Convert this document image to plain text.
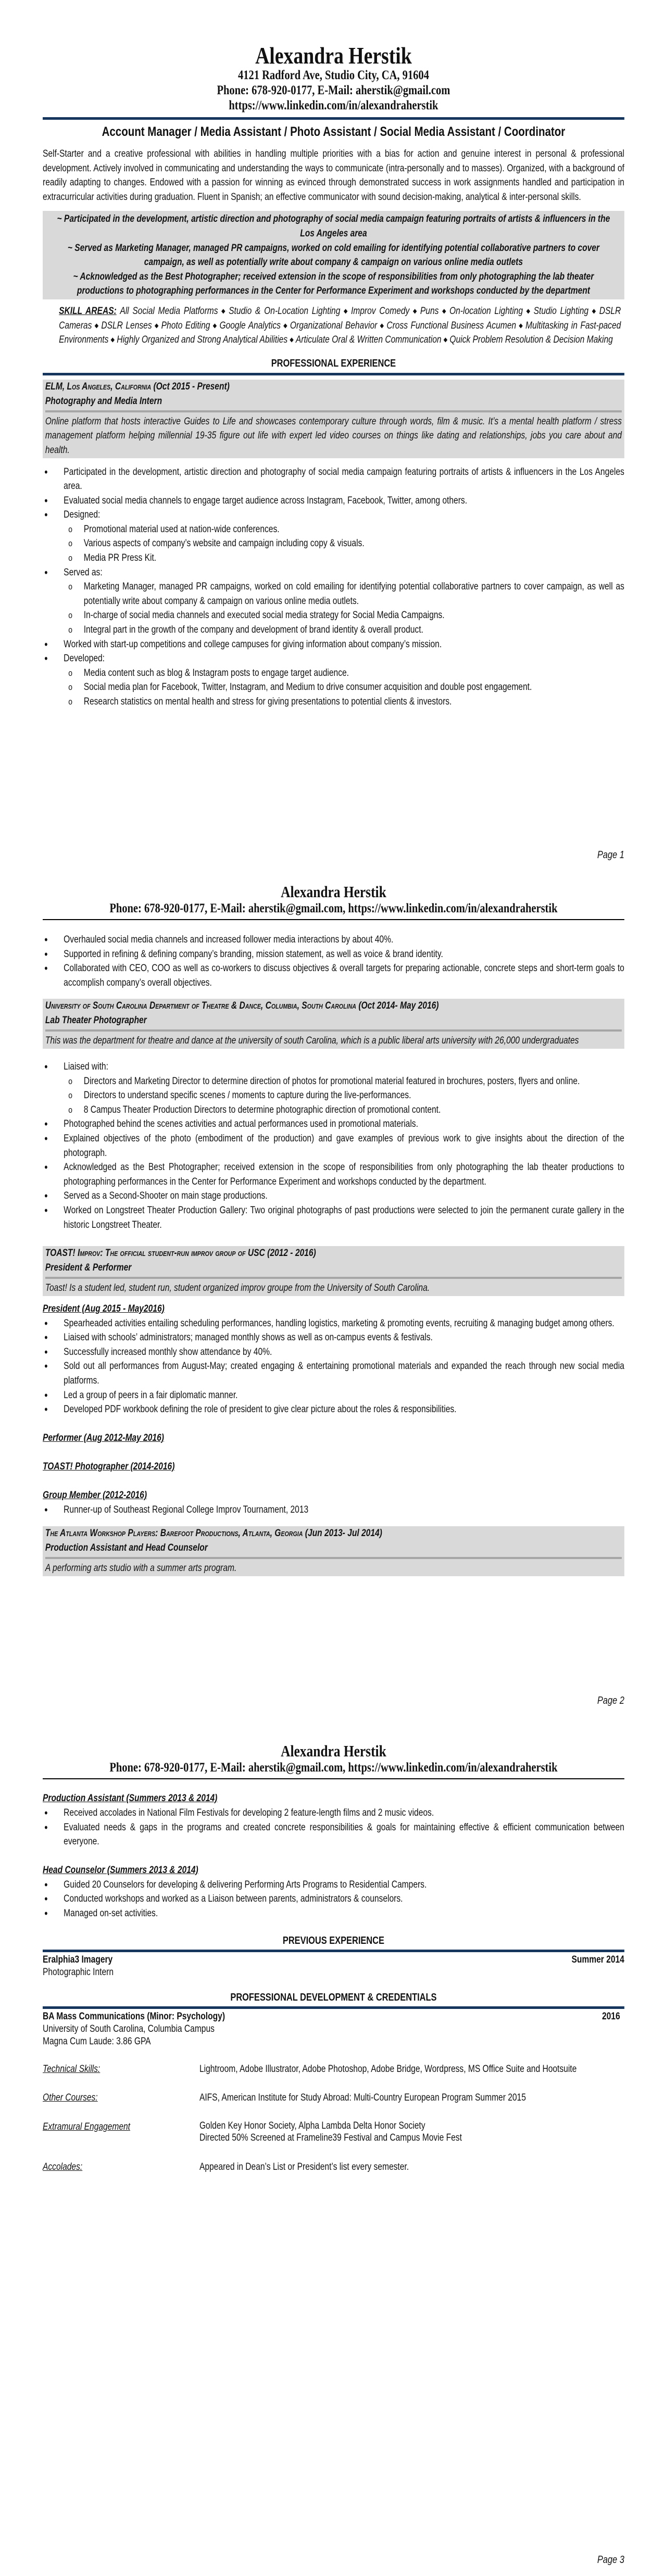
Alexandra Herstik
4121 Radford Ave, Studio City, CA, 91604
Phone: 678-920-0177, E-Mail: aherstik@gmail.com
https://www.linkedin.com/in/alexandraherstik
Account Manager / Media Assistant / Photo Assistant / Social Media Assistant / Coordinator
Self-Starter and a creative professional with abilities in handling multiple priorities with a bias for action and genuine interest in personal & professional development. Actively involved in communicating and understanding the ways to communicate (intra-personally and to masses). Organized, with a background of readily adapting to changes. Endowed with a passion for winning as evinced through demonstrated success in work assignments handled and participation in extracurricular activities during graduation. Fluent in Spanish; an effective communicator with sound decision-making, analytical & inter-personal skills.
~ Participated in the development, artistic direction and photography of social media campaign featuring portraits of artists & influencers in the Los Angeles area
~ Served as Marketing Manager, managed PR campaigns, worked on cold emailing for identifying potential collaborative partners to cover campaign, as well as potentially write about company & campaign on various online media outlets
~ Acknowledged as the Best Photographer; received extension in the scope of responsibilities from only photographing the lab theater productions to photographing performances in the Center for Performance Experiment and workshops conducted by the department
SKILL AREAS: All Social Media Platforms ◆ Studio & On-Location Lighting ◆ Improv Comedy ◆ Puns ◆ On-location Lighting ◆ Studio Lighting ◆ DSLR Cameras ◆ DSLR Lenses ◆ Photo Editing ◆ Google Analytics ◆ Organizational Behavior ◆ Cross Functional Business Acumen ◆ Multitasking in Fast-paced Environments ◆ Highly Organized and Strong Analytical Abilities ◆ Articulate Oral & Written Communication ◆ Quick Problem Resolution & Decision Making
PROFESSIONAL EXPERIENCE
ELM, Los Angeles, California (Oct 2015 - Present)
Photography and Media Intern
Online platform that hosts interactive Guides to Life and showcases contemporary culture through words, film & music. It’s a mental health platform / stress management platform helping millennial 19-35 figure out life with expert led video courses on things like dating and relationships, jobs you care about and health.
• Participated in the development, artistic direction and photography of social media campaign featuring portraits of artists & influencers in the Los Angeles area.
• Evaluated social media channels to engage target audience across Instagram, Facebook, Twitter, among others.
• Designed:
o Promotional material used at nation-wide conferences.
o Various aspects of company’s website and campaign including copy & visuals.
o Media PR Press Kit.
• Served as:
o Marketing Manager, managed PR campaigns, worked on cold emailing for identifying potential collaborative partners to cover campaign, as well as potentially write about company & campaign on various online media outlets.
o In-charge of social media channels and executed social media strategy for Social Media Campaigns.
o Integral part in the growth of the company and development of brand identity & overall product.
• Worked with start-up competitions and college campuses for giving information about company’s mission.
• Developed:
o Media content such as blog & Instagram posts to engage target audience.
o Social media plan for Facebook, Twitter, Instagram, and Medium to drive consumer acquisition and double post engagement.
o Research statistics on mental health and stress for giving presentations to potential clients & investors.
Page 1
Alexandra Herstik
Phone: 678-920-0177, E-Mail: aherstik@gmail.com, https://www.linkedin.com/in/alexandraherstik
• Overhauled social media channels and increased follower media interactions by about 40%.
• Supported in refining & defining company’s branding, mission statement, as well as voice & brand identity.
• Collaborated with CEO, COO as well as co-workers to discuss objectives & overall targets for preparing actionable, concrete steps and short-term goals to accomplish company’s overall objectives.
University of South Carolina Department of Theatre & Dance, Columbia, South Carolina (Oct 2014- May 2016)
Lab Theater Photographer
This was the department for theatre and dance at the university of south Carolina, which is a public liberal arts university with 26,000 undergraduates
• Liaised with:
o Directors and Marketing Director to determine direction of photos for promotional material featured in brochures, posters, flyers and online.
o Directors to understand specific scenes / moments to capture during the live-performances.
o 8 Campus Theater Production Directors to determine photographic direction of promotional content.
• Photographed behind the scenes activities and actual performances used in promotional materials.
• Explained objectives of the photo (embodiment of the production) and gave examples of previous work to give insights about the direction of the photograph.
• Acknowledged as the Best Photographer; received extension in the scope of responsibilities from only photographing the lab theater productions to photographing performances in the Center for Performance Experiment and workshops conducted by the department.
• Served as a Second-Shooter on main stage productions.
• Worked on Longstreet Theater Production Gallery: Two original photographs of past productions were selected to join the permanent curate gallery in the historic Longstreet Theater.
TOAST! Improv: The official student-run improv group of USC (2012 - 2016)
President & Performer
Toast! Is a student led, student run, student organized improv groupe from the University of South Carolina.
President (Aug 2015 - May2016)
• Spearheaded activities entailing scheduling performances, handling logistics, marketing & promoting events, recruiting & managing budget among others.
• Liaised with schools’ administrators; managed monthly shows as well as on-campus events & festivals.
• Successfully increased monthly show attendance by 40%.
• Sold out all performances from August-May; created engaging & entertaining promotional materials and expanded the reach through new social media platforms.
• Led a group of peers in a fair diplomatic manner.
• Developed PDF workbook defining the role of president to give clear picture about the roles & responsibilities.
Performer (Aug 2012-May 2016)
TOAST! Photographer (2014-2016)
Group Member (2012-2016)
• Runner-up of Southeast Regional College Improv Tournament, 2013
The Atlanta Workshop Players: Barefoot Productions, Atlanta, Georgia (Jun 2013- Jul 2014)
Production Assistant and Head Counselor
A performing arts studio with a summer arts program.
Page 2
Alexandra Herstik
Phone: 678-920-0177, E-Mail: aherstik@gmail.com, https://www.linkedin.com/in/alexandraherstik
Production Assistant (Summers 2013 & 2014)
• Received accolades in National Film Festivals for developing 2 feature-length films and 2 music videos.
• Evaluated needs & gaps in the programs and created concrete responsibilities & goals for maintaining effective & efficient communication between everyone.
Head Counselor (Summers 2013 & 2014)
• Guided 20 Counselors for developing & delivering Performing Arts Programs to Residential Campers.
• Conducted workshops and worked as a Liaison between parents, administrators & counselors.
• Managed on-set activities.
PREVIOUS EXPERIENCE
Eralphia3 Imagery	Summer 2014
Photographic Intern
PROFESSIONAL DEVELOPMENT & CREDENTIALS
BA Mass Communications (Minor: Psychology)	2016
University of South Carolina, Columbia Campus
Magna Cum Laude: 3.86 GPA
Technical Skills:	Lightroom, Adobe Illustrator, Adobe Photoshop, Adobe Bridge, Wordpress, MS Office Suite and Hootsuite
Other Courses:	AIFS, American Institute for Study Abroad: Multi-Country European Program Summer 2015
Extramural Engagement	Golden Key Honor Society, Alpha Lambda Delta Honor Society
Directed 50% Screened at Frameline39 Festival and Campus Movie Fest
Accolades:	Appeared in Dean’s List or President’s list every semester.
Page 3
